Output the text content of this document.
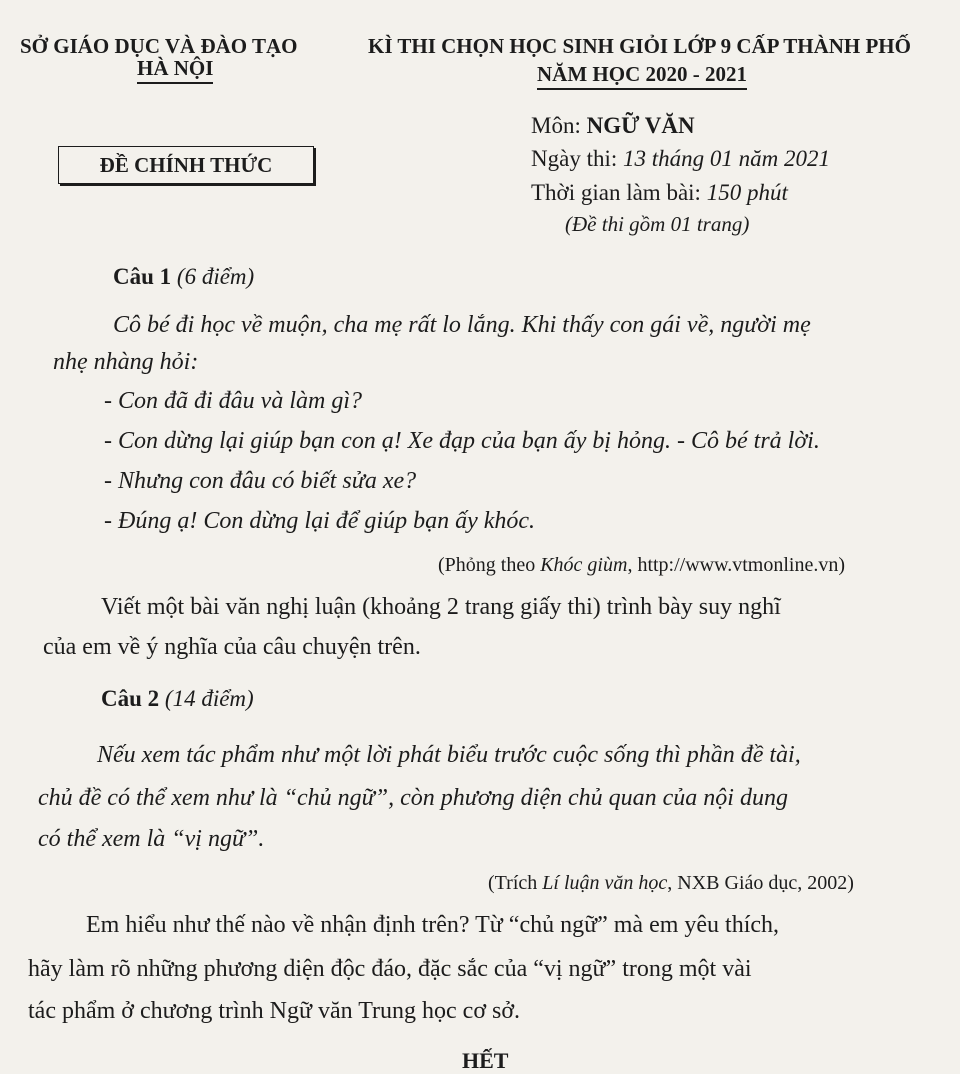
SỞ GIÁO DỤC VÀ ĐÀO TẠO
HÀ NỘI
KÌ THI CHỌN HỌC SINH GIỎI LỚP 9 CẤP THÀNH PHỐ
NĂM HỌC 2020 - 2021
ĐỀ CHÍNH THỨC
Môn: NGỮ VĂN
Ngày thi: 13 tháng 01 năm 2021
Thời gian làm bài: 150 phút
(Đề thi gồm 01 trang)
Câu 1 (6 điểm)
Cô bé đi học về muộn, cha mẹ rất lo lắng. Khi thấy con gái về, người mẹ
nhẹ nhàng hỏi:
- Con đã đi đâu và làm gì?
- Con dừng lại giúp bạn con ạ! Xe đạp của bạn ấy bị hỏng. - Cô bé trả lời.
- Nhưng con đâu có biết sửa xe?
- Đúng ạ! Con dừng lại để giúp bạn ấy khóc.
(Phỏng theo Khóc giùm, http://www.vtmonline.vn)
Viết một bài văn nghị luận (khoảng 2 trang giấy thi) trình bày suy nghĩ
của em về ý nghĩa của câu chuyện trên.
Câu 2 (14 điểm)
Nếu xem tác phẩm như một lời phát biểu trước cuộc sống thì phần đề tài,
chủ đề có thể xem như là “chủ ngữ”, còn phương diện chủ quan của nội dung
có thể xem là “vị ngữ”.
(Trích Lí luận văn học, NXB Giáo dục, 2002)
Em hiểu như thế nào về nhận định trên? Từ “chủ ngữ” mà em yêu thích,
hãy làm rõ những phương diện độc đáo, đặc sắc của “vị ngữ” trong một vài
tác phẩm ở chương trình Ngữ văn Trung học cơ sở.
HẾT
